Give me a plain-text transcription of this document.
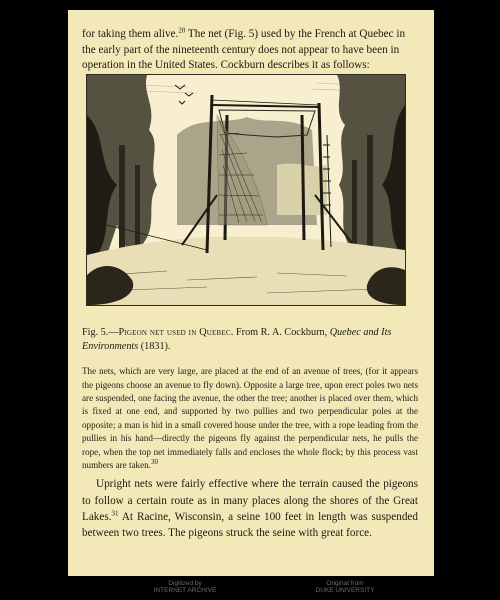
for taking them alive.$^{28}$ The net (Fig. 5) used by the French at Quebec in the early part of the nineteenth century does not appear to have been in operation in the United States. Cockburn describes it as follows:

Fig. 5.—Pigeon net used in Quebec. From R. A. Cockburn, Quebec and Its Environments (1831).

The nets, which are very large, are placed at the end of an avenue of trees, (for it appears the pigeons choose an avenue to fly down). Opposite a large tree, upon erect poles two nets are suspended, one facing the avenue, the other the tree; another is placed over them, which is fixed at one end, and supported by two pullies and two perpendicular poles at the opposite; a man is hid in a small covered house under the tree, with a rope leading from the pullies in his hand—directly the pigeons fly against the perpendicular nets, he pulls the rope, when the top net immediately falls and encloses the whole flock; by this process vast numbers are taken.$^{30}$

Upright nets were fairly effective where the terrain caused the pigeons to follow a certain route as in many places along the shores of the Great Lakes.$^{31}$ At Racine, Wisconsin, a seine 100 feet in length was suspended between two trees. The pigeons struck the seine with great force.

Digitized by
INTERNET ARCHIVE
Original from
DUKE UNIVERSITY
